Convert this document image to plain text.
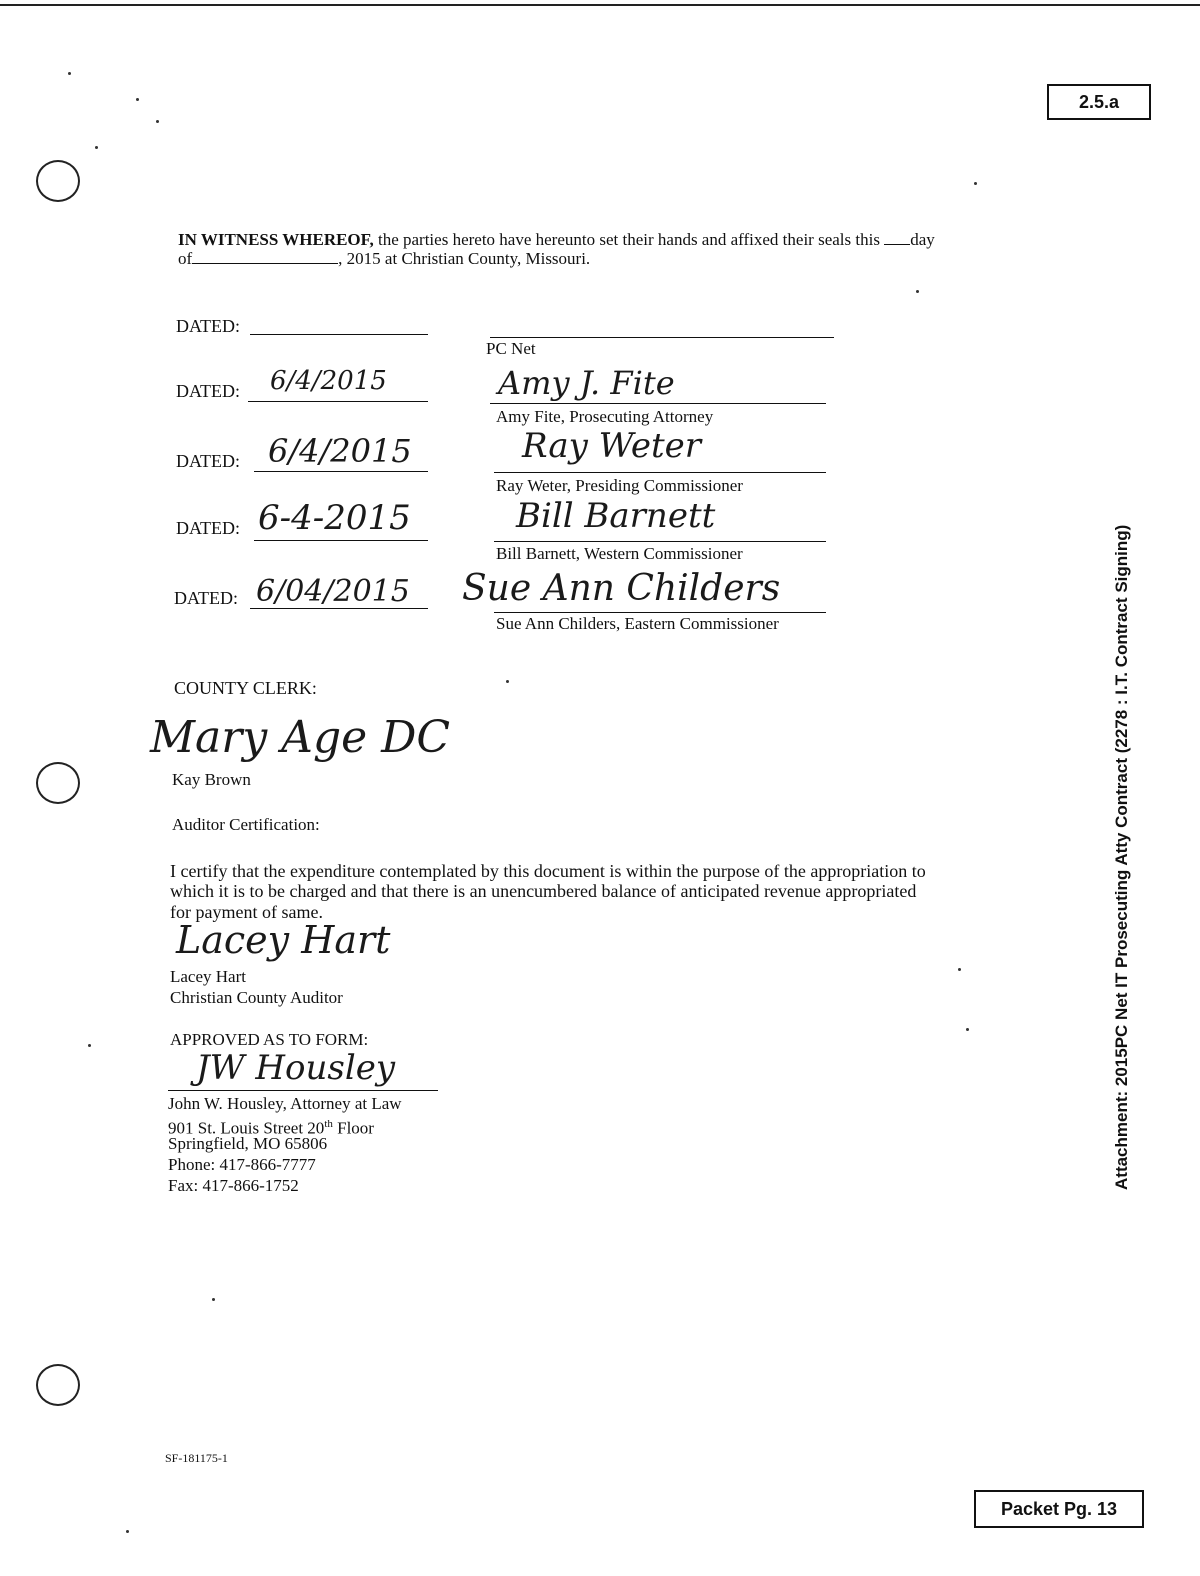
2.5.a
IN WITNESS WHEREOF, the parties hereto have hereunto set their hands and affixed their seals this day
of	, 2015 at Christian County, Missouri.
DATED:
PC Net
DATED: 6/4/2015	Amy J. Fite
Amy Fite, Prosecuting Attorney
DATED: 6/4/2015	Ray Weter
Ray Weter, Presiding Commissioner
DATED: 6-4-2015	Bill Barnett
Bill Barnett, Western Commissioner
DATED: 6/04/2015 Sue Ann Childers
Sue Ann Childers, Eastern Commissioner
COUNTY CLERK:
Mary Age DC
Kay Brown
Auditor Certification:
I certify that the expenditure contemplated by this document is within the purpose of the appropriation to
which it is to be charged and that there is an unencumbered balance of anticipated revenue appropriated
for payment of same.
Lacey Hart
Lacey Hart
Christian County Auditor
APPROVED AS TO FORM:
JW Housley
John W. Housley, Attorney at Law
901 St. Louis Street 20th Floor
Springfield, MO 65806
Phone: 417-866-7777
Fax: 417-866-1752
SF-181175-1
Attachment: 2015PC Net IT Prosecuting Atty Contract (2278 : I.T. Contract Signing)
Packet Pg. 13
